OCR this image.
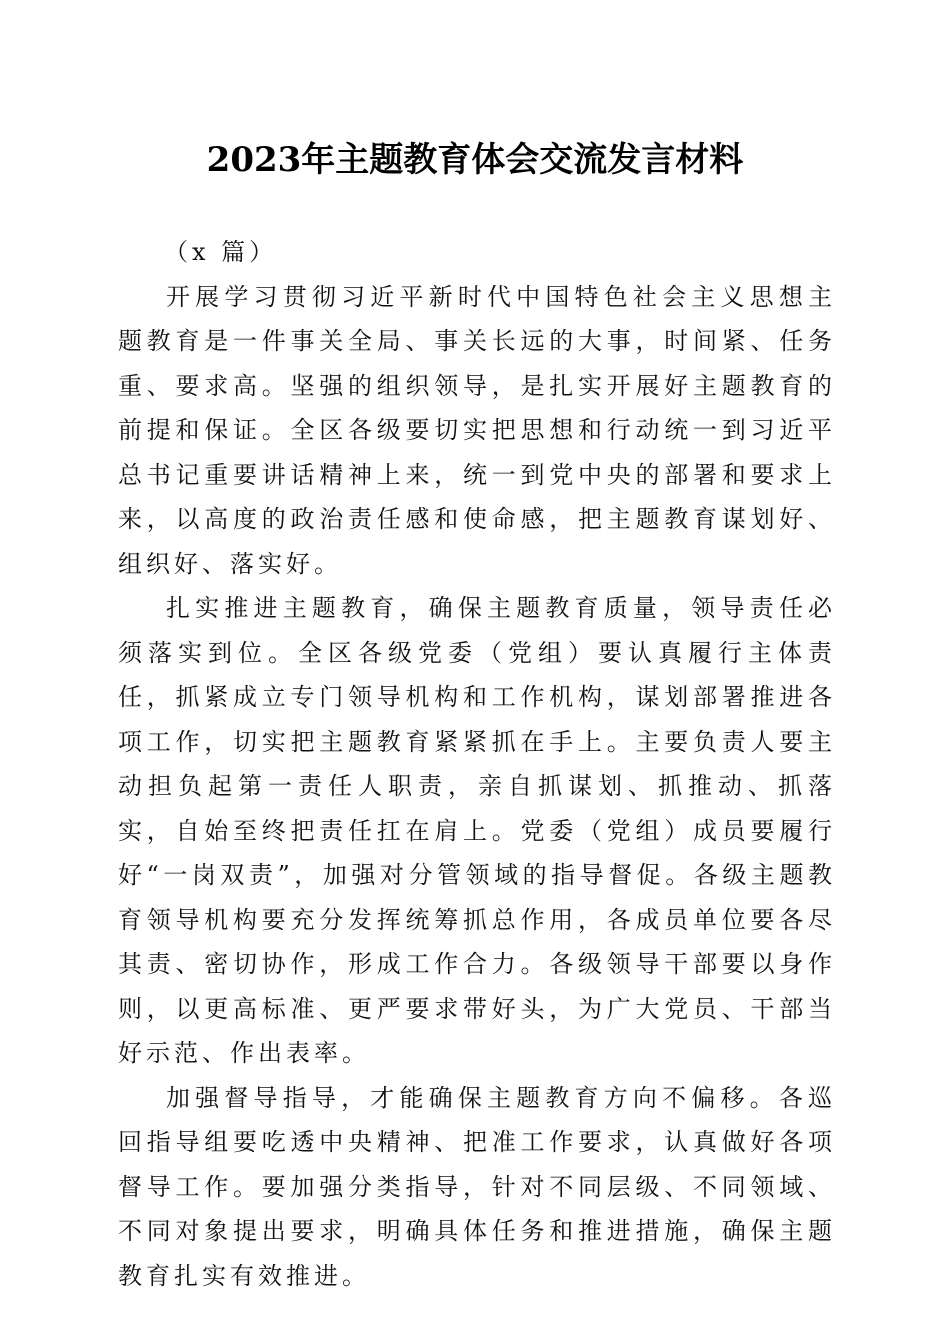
2023年主题教育体会交流发言材料

（x 篇）

开展学习贯彻习近平新时代中国特色社会主义思想主题教育是一件事关全局、事关长远的大事，时间紧、任务重、要求高。坚强的组织领导，是扎实开展好主题教育的前提和保证。全区各级要切实把思想和行动统一到习近平总书记重要讲话精神上来，统一到党中央的部署和要求上来，以高度的政治责任感和使命感，把主题教育谋划好、组织好、落实好。

扎实推进主题教育，确保主题教育质量，领导责任必须落实到位。全区各级党委（党组）要认真履行主体责任，抓紧成立专门领导机构和工作机构，谋划部署推进各项工作，切实把主题教育紧紧抓在手上。主要负责人要主动担负起第一责任人职责，亲自抓谋划、抓推动、抓落实，自始至终把责任扛在肩上。党委（党组）成员要履行好“一岗双责”，加强对分管领域的指导督促。各级主题教育领导机构要充分发挥统筹抓总作用，各成员单位要各尽其责、密切协作，形成工作合力。各级领导干部要以身作则，以更高标准、更严要求带好头，为广大党员、干部当好示范、作出表率。

加强督导指导，才能确保主题教育方向不偏移。各巡回指导组要吃透中央精神、把准工作要求，认真做好各项督导工作。要加强分类指导，针对不同层级、不同领域、不同对象提出要求，明确具体任务和推进措施，确保主题教育扎实有效推进。
